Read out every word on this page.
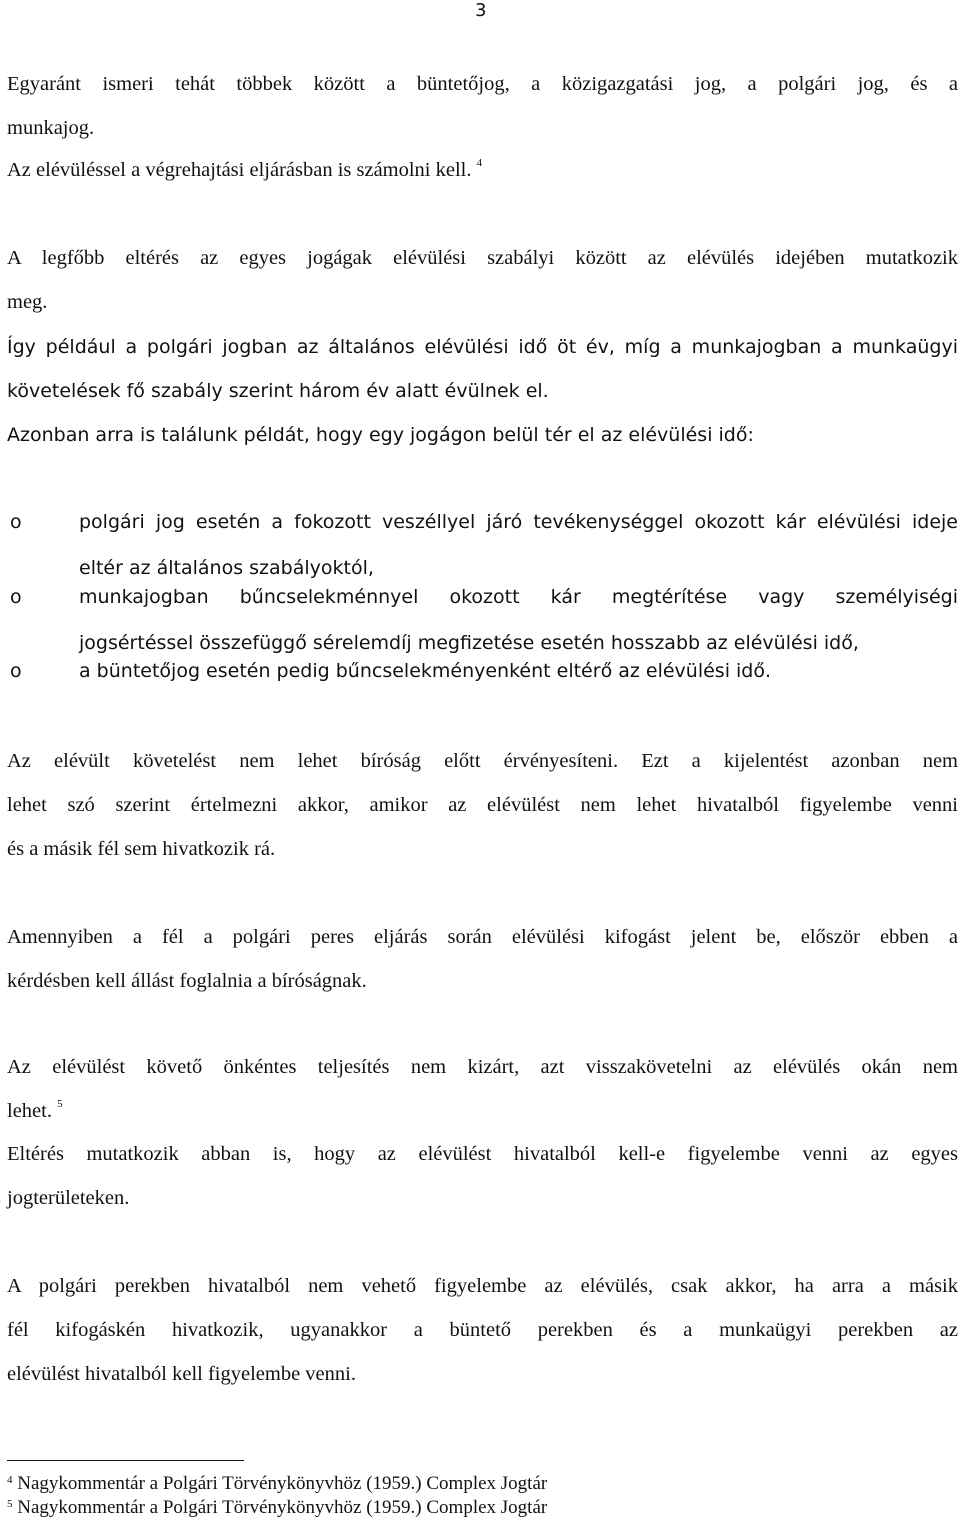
3
Egyaránt ismeri tehát többek között a büntetőjog, a közigazgatási jog, a polgári jog, és a
munkajog.
Az elévüléssel a végrehajtási eljárásban is számolni kell. $^4$
A legfőbb eltérés az egyes jogágak elévülési szabályi között az elévülés idejében mutatkozik
meg.
Így például a polgári jogban az általános elévülési idő öt év, míg a munkajogban a munkaügyi
követelések fő szabály szerint három év alatt évülnek el.
Azonban arra is találunk példát, hogy egy jogágon belül tér el az elévülési idő:
o	polgári jog esetén a fokozott veszéllyel járó tevékenységgel okozott kár elévülési ideje
eltér az általános szabályoktól,
o	munkajogban bűncselekménnyel okozott kár megtérítése vagy személyiségi
jogsértéssel összefüggő sérelemdíj megfizetése esetén hosszabb az elévülési idő,
o	a büntetőjog esetén pedig bűncselekményenként eltérő az elévülési idő.
Az elévült követelést nem lehet bíróság előtt érvényesíteni. Ezt a kijelentést azonban nem
lehet szó szerint értelmezni akkor, amikor az elévülést nem lehet hivatalból figyelembe venni
és a másik fél sem hivatkozik rá.
Amennyiben a fél a polgári peres eljárás során elévülési kifogást jelent be, először ebben a
kérdésben kell állást foglalnia a bíróságnak.
Az elévülést követő önkéntes teljesítés nem kizárt, azt visszakövetelni az elévülés okán nem
lehet. $^5$
Eltérés mutatkozik abban is, hogy az elévülést hivatalból kell-e figyelembe venni az egyes
jogterületeken.
A polgári perekben hivatalból nem vehető figyelembe az elévülés, csak akkor, ha arra a másik
fél kifogáskén hivatkozik, ugyanakkor a büntető perekben és a munkaügyi perekben az
elévülést hivatalból kell figyelembe venni.
$^4$ Nagykommentár a Polgári Törvénykönyvhöz (1959.) Complex Jogtár
$^5$ Nagykommentár a Polgári Törvénykönyvhöz (1959.) Complex Jogtár
